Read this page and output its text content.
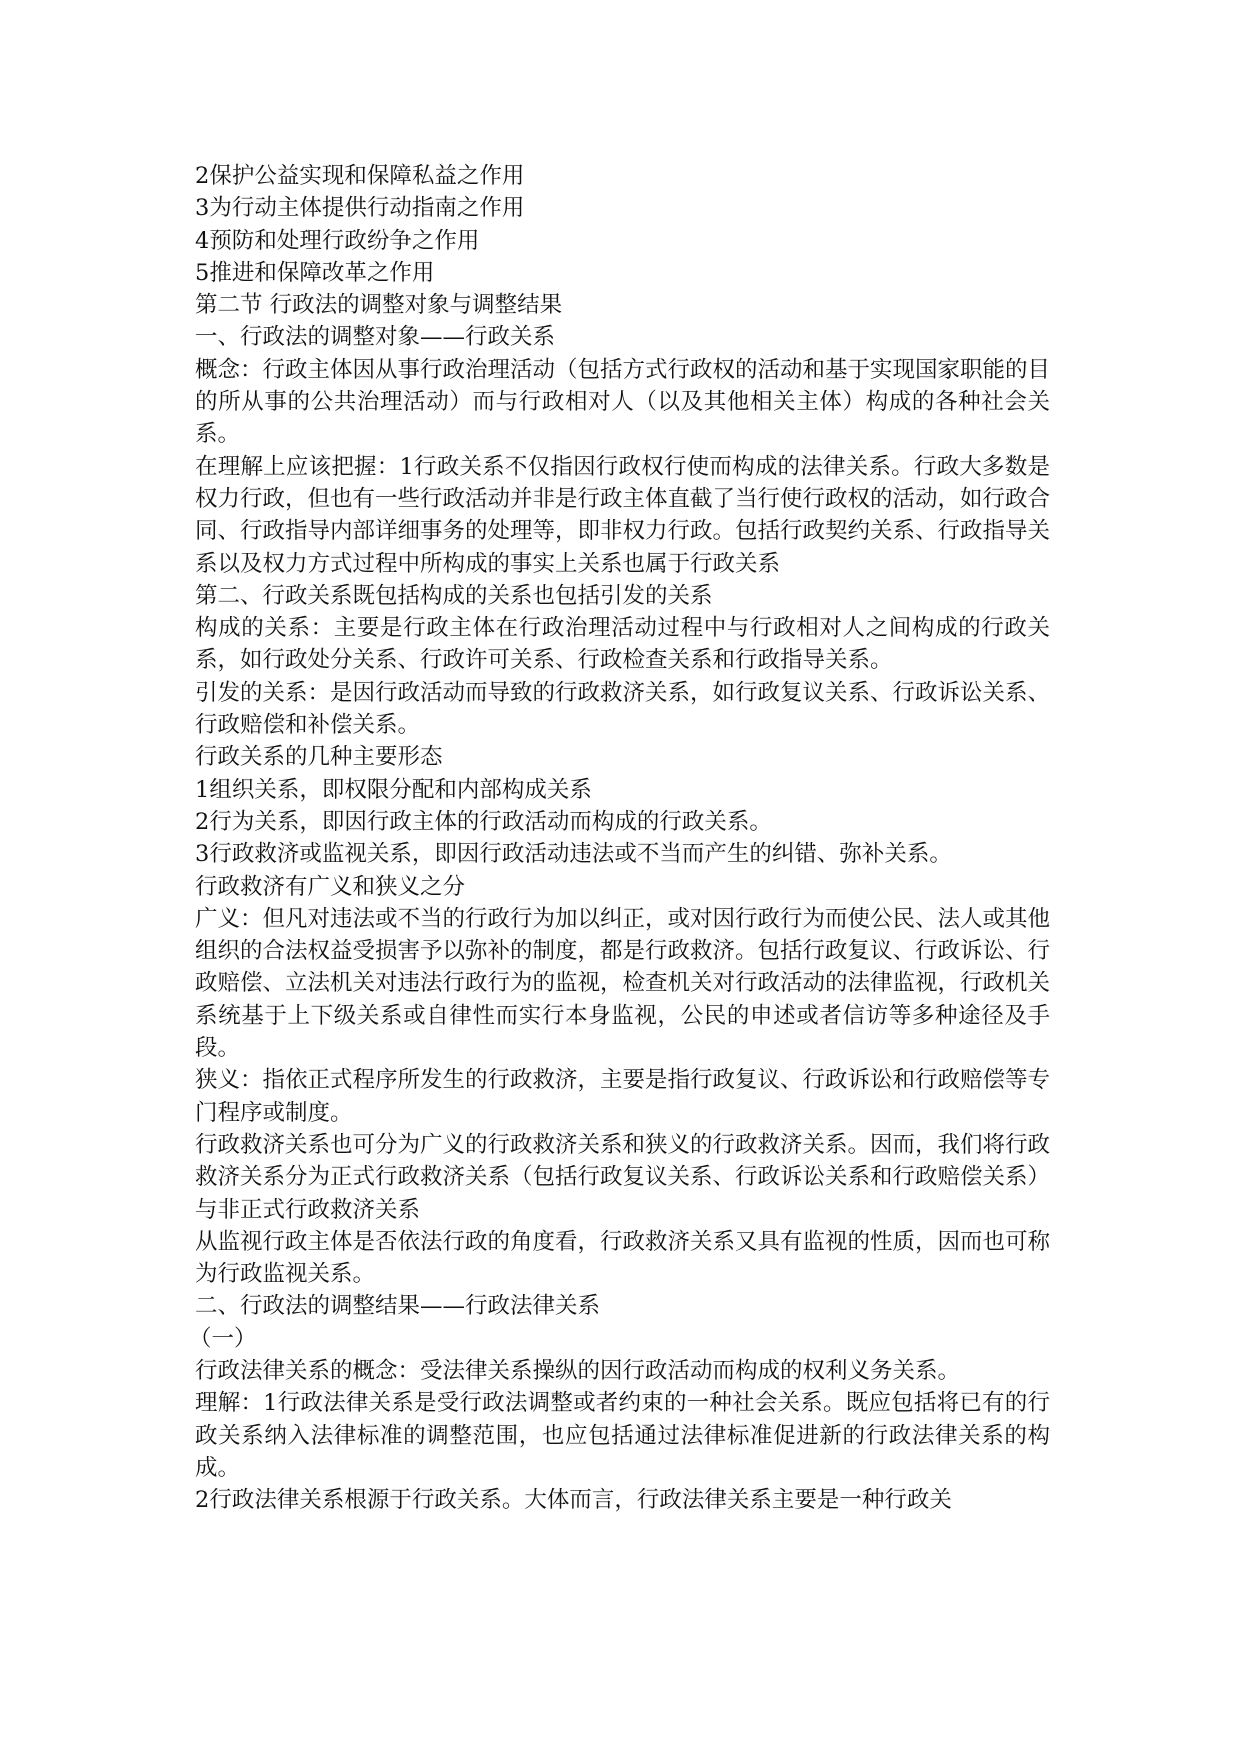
2保护公益实现和保障私益之作用

3为行动主体提供行动指南之作用

4预防和处理行政纷争之作用

5推进和保障改革之作用

第二节 行政法的调整对象与调整结果

一、行政法的调整对象——行政关系

概念：行政主体因从事行政治理活动（包括方式行政权的活动和基于实现国家职能的目的所从事的公共治理活动）而与行政相对人（以及其他相关主体）构成的各种社会关系。

在理解上应该把握：1行政关系不仅指因行政权行使而构成的法律关系。行政大多数是权力行政，但也有一些行政活动并非是行政主体直截了当行使行政权的活动，如行政合同、行政指导内部详细事务的处理等，即非权力行政。包括行政契约关系、行政指导关系以及权力方式过程中所构成的事实上关系也属于行政关系

第二、行政关系既包括构成的关系也包括引发的关系

构成的关系：主要是行政主体在行政治理活动过程中与行政相对人之间构成的行政关系，如行政处分关系、行政许可关系、行政检查关系和行政指导关系。

引发的关系：是因行政活动而导致的行政救济关系，如行政复议关系、行政诉讼关系、行政赔偿和补偿关系。

行政关系的几种主要形态

1组织关系，即权限分配和内部构成关系

2行为关系，即因行政主体的行政活动而构成的行政关系。

3行政救济或监视关系，即因行政活动违法或不当而产生的纠错、弥补关系。

行政救济有广义和狭义之分

广义：但凡对违法或不当的行政行为加以纠正，或对因行政行为而使公民、法人或其他组织的合法权益受损害予以弥补的制度，都是行政救济。包括行政复议、行政诉讼、行政赔偿、立法机关对违法行政行为的监视，检查机关对行政活动的法律监视，行政机关系统基于上下级关系或自律性而实行本身监视，公民的申述或者信访等多种途径及手段。

狭义：指依正式程序所发生的行政救济，主要是指行政复议、行政诉讼和行政赔偿等专门程序或制度。

行政救济关系也可分为广义的行政救济关系和狭义的行政救济关系。因而，我们将行政救济关系分为正式行政救济关系（包括行政复议关系、行政诉讼关系和行政赔偿关系）与非正式行政救济关系

从监视行政主体是否依法行政的角度看，行政救济关系又具有监视的性质，因而也可称为行政监视关系。

二、行政法的调整结果——行政法律关系

（一）

行政法律关系的概念：受法律关系操纵的因行政活动而构成的权利义务关系。

理解：1行政法律关系是受行政法调整或者约束的一种社会关系。既应包括将已有的行政关系纳入法律标准的调整范围，也应包括通过法律标准促进新的行政法律关系的构成。

2行政法律关系根源于行政关系。大体而言，行政法律关系主要是一种行政关
